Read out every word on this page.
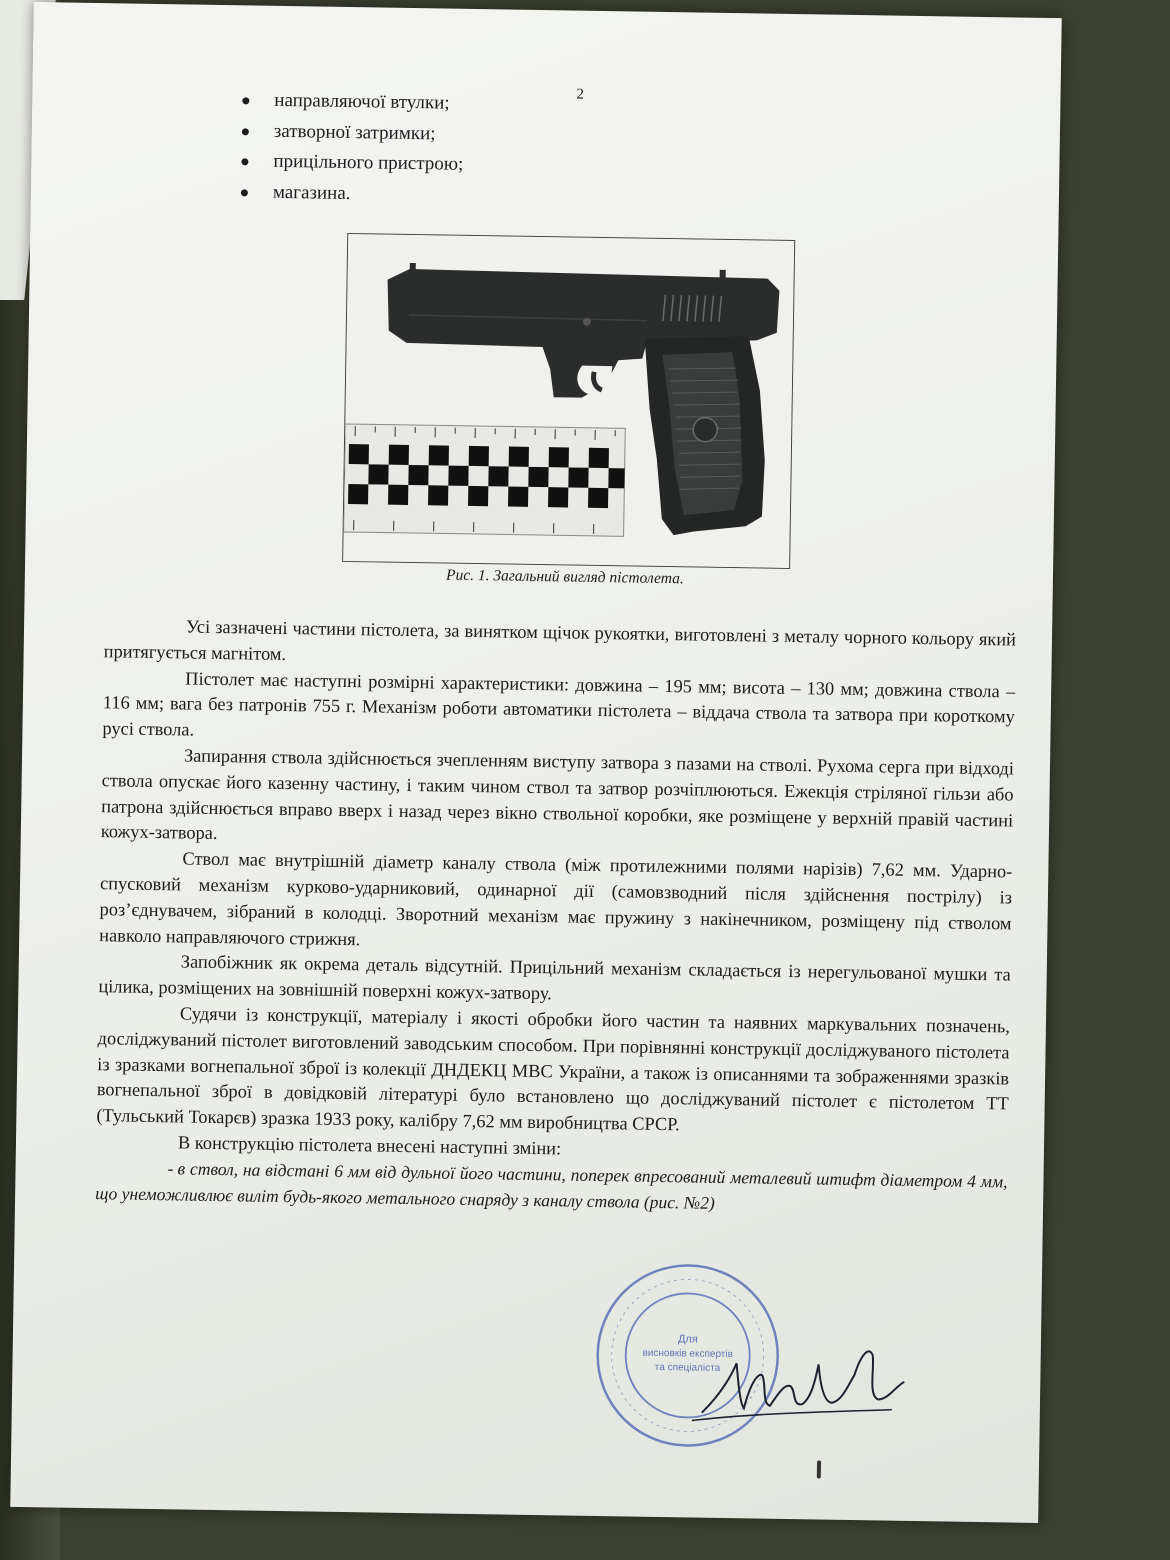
2
направляючої втулки;
затворної затримки;
прицільного пристрою;
магазина.
Рис. 1. Загальний вигляд пістолета.

Усі зазначені частини пістолета, за винятком щічок рукоятки, виготовлені з металу чорного кольору який притягується магнітом.

Пістолет має наступні розмірні характеристики: довжина – 195 мм; висота – 130 мм; довжина ствола – 116 мм; вага без патронів 755 г. Механізм роботи автоматики пістолета – віддача ствола та затвора при короткому русі ствола.

Запирання ствола здійснюється зчепленням виступу затвора з пазами на стволі. Рухома серга при відході ствола опускає його казенну частину, і таким чином ствол та затвор розчіплюються. Ежекція стріляної гільзи або патрона здійснюється вправо вверх і назад через вікно ствольної коробки, яке розміщене у верхній правій частині кожух-затвора.

Ствол має внутрішній діаметр каналу ствола (між протилежними полями нарізів) 7,62 мм. Ударно-спусковий механізм курково-ударниковий, одинарної дії (самовзводний після здійснення пострілу) із роз’єднувачем, зібраний в колодці. Зворотний механізм має пружину з накінечником, розміщену під стволом навколо направляючого стрижня.

Запобіжник як окрема деталь відсутній. Прицільний механізм складається із нерегульованої мушки та цілика, розміщених на зовнішній поверхні кожух-затвору.

Судячи із конструкції, матеріалу і якості обробки його частин та наявних маркувальних позначень, досліджуваний пістолет виготовлений заводським способом. При порівнянні конструкції досліджуваного пістолета із зразками вогнепальної зброї із колекції ДНДЕКЦ МВС України, а також із описаннями та зображеннями зразків вогнепальної зброї в довідковій літературі було встановлено що досліджуваний пістолет є пістолетом ТТ (Тульський Токарєв) зразка 1933 року, калібру 7,62 мм виробництва СРСР.

В конструкцію пістолета внесені наступні зміни:

- в ствол, на відстані 6 мм від дульної його частини, поперек впресований металевий штифт діаметром 4 мм, що унеможливлює виліт будь-якого метального снаряду з каналу ствола (рис. №2)

Для
висновків експертів
та спеціаліста
